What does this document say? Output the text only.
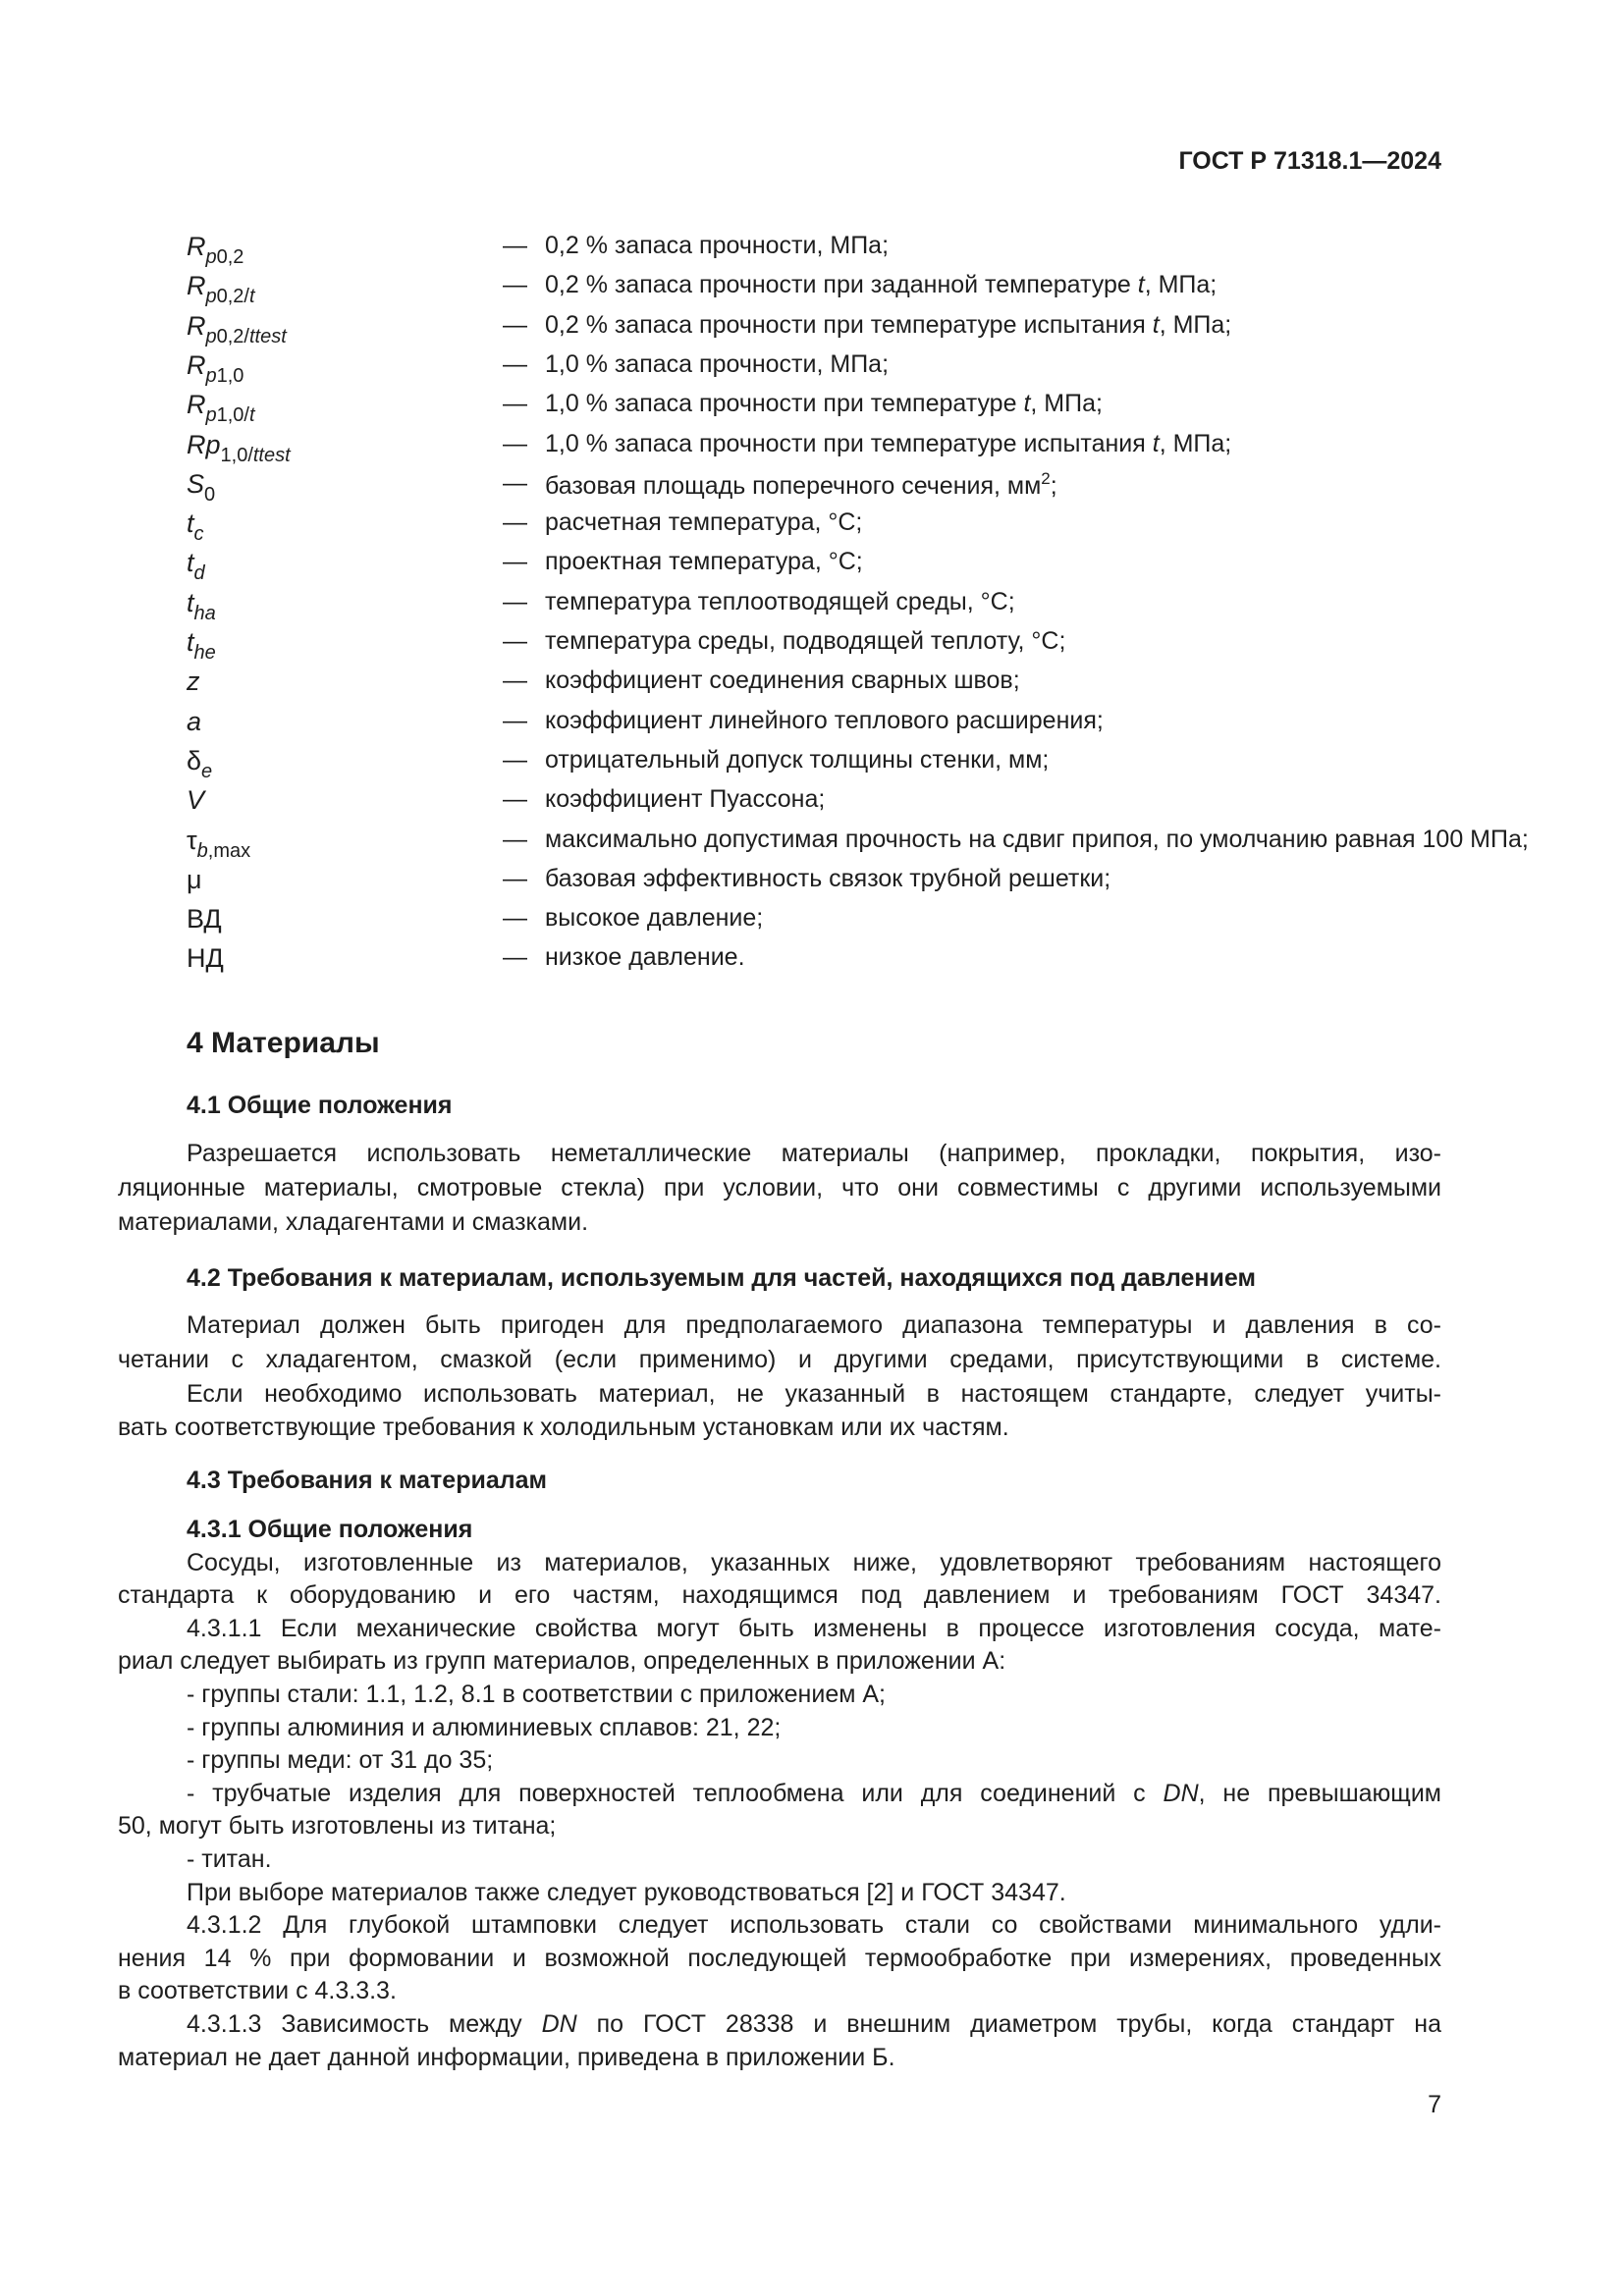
ГОСТ Р 71318.1—2024
$R_{p0,2}$	— 0,2 % запаса прочности, МПа;
$R_{p0,2/t}$	— 0,2 % запаса прочности при заданной температуре t, МПа;
$R_{p0,2/ttest}$	— 0,2 % запаса прочности при температуре испытания t, МПа;
$R_{p1,0}$	— 1,0 % запаса прочности, МПа;
$R_{p1,0/t}$	— 1,0 % запаса прочности при температуре t, МПа;
$Rp_{1,0/ttest}$	— 1,0 % запаса прочности при температуре испытания t, МПа;
$S_0$	— базовая площадь поперечного сечения, $мм^2$;
$t_c$	— расчетная температура, °C;
$t_d$	— проектная температура, °C;
$t_{ha}$	— температура теплоотводящей среды, °C;
$t_{he}$	— температура среды, подводящей теплоту, °C;
z	— коэффициент соединения сварных швов;
a	— коэффициент линейного теплового расширения;
$\delta_e$	— отрицательный допуск толщины стенки, мм;
V	— коэффициент Пуассона;
$\tau_{b,max}$	— максимально допустимая прочность на сдвиг припоя, по умолчанию равная 100 МПа;
μ	— базовая эффективность связок трубной решетки;
ВД	— высокое давление;
НД	— низкое давление.
4 Материалы
4.1 Общие положения
Разрешается использовать неметаллические материалы (например, прокладки, покрытия, изо-
ляционные материалы, смотровые стекла) при условии, что они совместимы с другими используемыми
материалами, хладагентами и смазками.
4.2 Требования к материалам, используемым для частей, находящихся под давлением
Материал должен быть пригоден для предполагаемого диапазона температуры и давления в со-
четании с хладагентом, смазкой (если применимо) и другими средами, присутствующими в системе.
Если необходимо использовать материал, не указанный в настоящем стандарте, следует учиты-
вать соответствующие требования к холодильным установкам или их частям.
4.3 Требования к материалам
4.3.1 Общие положения
Сосуды, изготовленные из материалов, указанных ниже, удовлетворяют требованиям настоящего
стандарта к оборудованию и его частям, находящимся под давлением и требованиям ГОСТ 34347.
4.3.1.1 Если механические свойства могут быть изменены в процессе изготовления сосуда, мате-
риал следует выбирать из групп материалов, определенных в приложении А:
- группы стали: 1.1, 1.2, 8.1 в соответствии с приложением А;
- группы алюминия и алюминиевых сплавов: 21, 22;
- группы меди: от 31 до 35;
- трубчатые изделия для поверхностей теплообмена или для соединений с DN, не превышающим
50, могут быть изготовлены из титана;
- титан.
При выборе материалов также следует руководствоваться [2] и ГОСТ 34347.
4.3.1.2 Для глубокой штамповки следует использовать стали со свойствами минимального удли-
нения 14 % при формовании и возможной последующей термообработке при измерениях, проведенных
в соответствии с 4.3.3.3.
4.3.1.3 Зависимость между DN по ГОСТ 28338 и внешним диаметром трубы, когда стандарт на
материал не дает данной информации, приведена в приложении Б.
7
